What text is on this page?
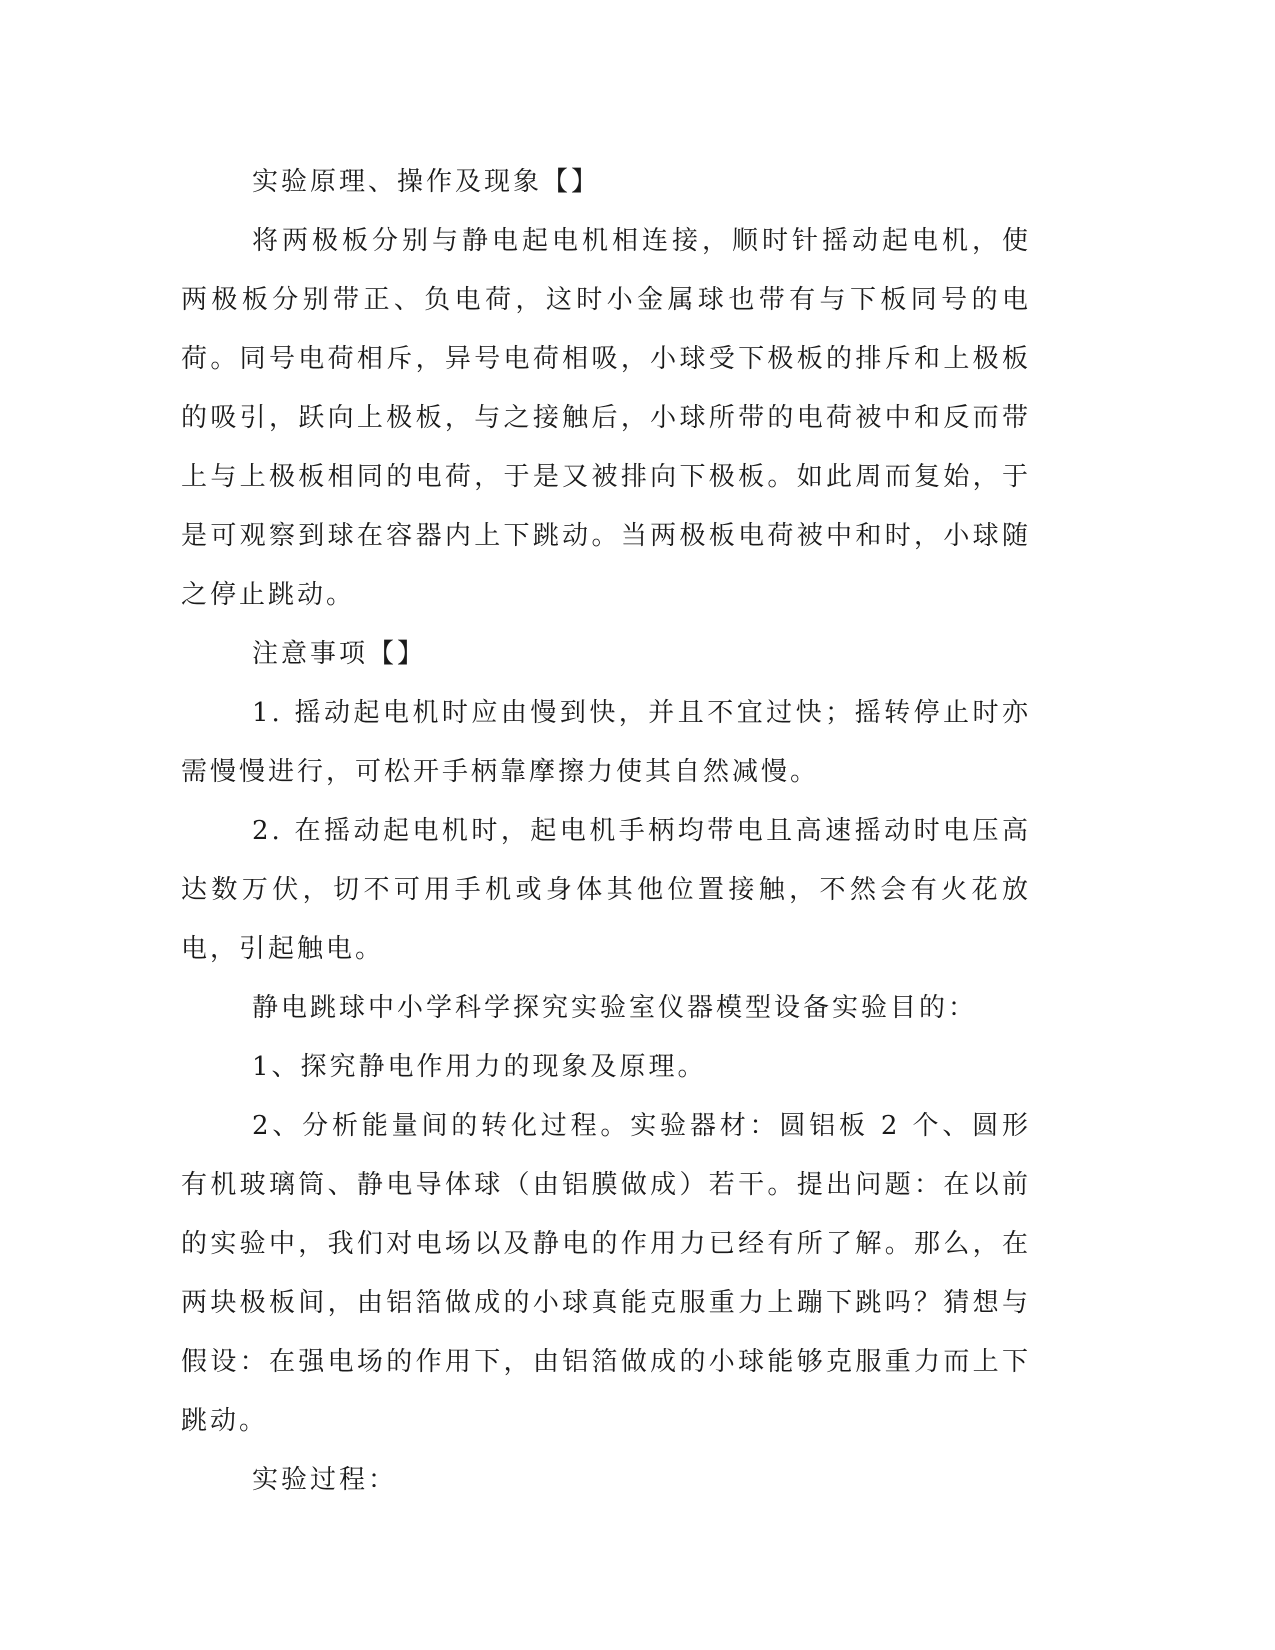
实验原理、操作及现象【】

将两极板分别与静电起电机相连接，顺时针摇动起电机，使两极板分别带正、负电荷，这时小金属球也带有与下板同号的电荷。同号电荷相斥，异号电荷相吸，小球受下极板的排斥和上极板的吸引，跃向上极板，与之接触后，小球所带的电荷被中和反而带上与上极板相同的电荷，于是又被排向下极板。如此周而复始，于是可观察到球在容器内上下跳动。当两极板电荷被中和时，小球随之停止跳动。

注意事项【】

1. 摇动起电机时应由慢到快，并且不宜过快；摇转停止时亦需慢慢进行，可松开手柄靠摩擦力使其自然减慢。

2. 在摇动起电机时，起电机手柄均带电且高速摇动时电压高达数万伏，切不可用手机或身体其他位置接触，不然会有火花放电，引起触电。

静电跳球中小学科学探究实验室仪器模型设备实验目的：

1、探究静电作用力的现象及原理。

2、分析能量间的转化过程。实验器材：圆铝板 2 个、圆形有机玻璃筒、静电导体球（由铝膜做成）若干。提出问题：在以前的实验中，我们对电场以及静电的作用力已经有所了解。那么，在两块极板间，由铝箔做成的小球真能克服重力上蹦下跳吗？猜想与假设：在强电场的作用下，由铝箔做成的小球能够克服重力而上下跳动。

实验过程：
